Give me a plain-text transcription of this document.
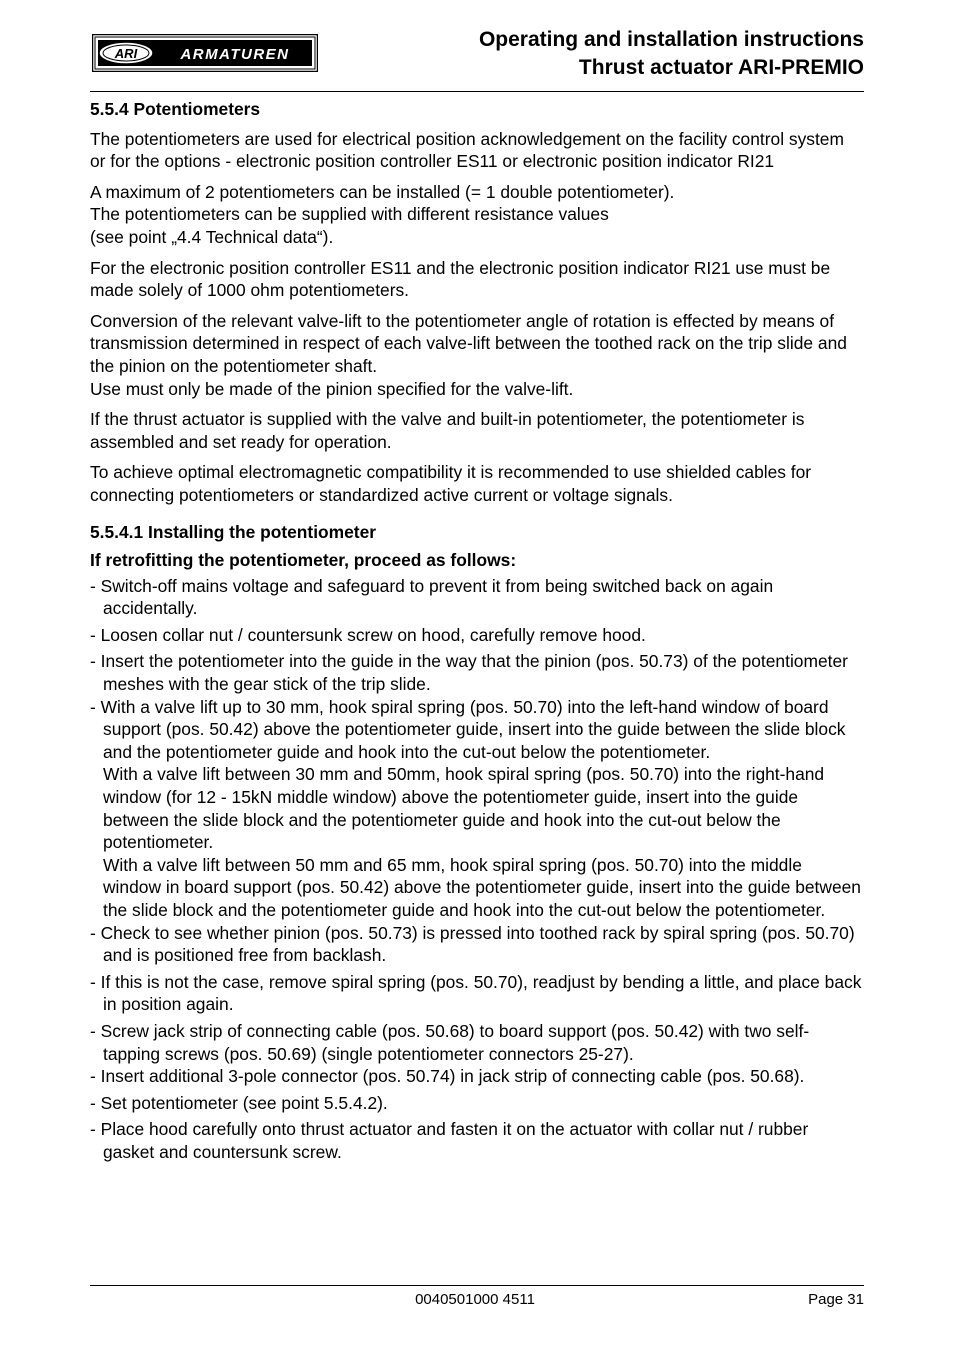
ARI	ARMATUREN
Operating and installation instructions
Thrust actuator ARI-PREMIO
5.5.4 Potentiometers

The potentiometers are used for electrical position acknowledgement on the facility control system or for the options - electronic position controller ES11 or electronic position indicator RI21

A maximum of 2 potentiometers can be installed (= 1 double potentiometer).
The potentiometers can be supplied with different resistance values
(see point „4.4 Technical data“).

For the electronic position controller ES11 and the electronic position indicator RI21 use must be made solely of 1000 ohm potentiometers.

Conversion of the relevant valve-lift to the potentiometer angle of rotation is effected by means of transmission determined in respect of each valve-lift between the toothed rack on the trip slide and the pinion on the potentiometer shaft.
Use must only be made of the pinion specified for the valve-lift.

If the thrust actuator is supplied with the valve and built-in potentiometer, the potentiometer is assembled and set ready for operation.

To achieve optimal electromagnetic compatibility it is recommended to use shielded cables for connecting potentiometers or standardized active current or voltage signals.

5.5.4.1 Installing the potentiometer

If retrofitting the potentiometer, proceed as follows:

- Switch-off mains voltage and safeguard to prevent it from being switched back on again accidentally.
- Loosen collar nut / countersunk screw on hood, carefully remove hood.
- Insert the potentiometer into the guide in the way that the pinion (pos. 50.73) of the potentiometer meshes with the gear stick of the trip slide.
- With a valve lift up to 30 mm, hook spiral spring (pos. 50.70) into the left-hand window of board support (pos. 50.42) above the potentiometer guide, insert into the guide between the slide block and the potentiometer guide and hook into the cut-out below the potentiometer.
With a valve lift between 30 mm and 50mm, hook spiral spring (pos. 50.70) into the right-hand window (for 12 - 15kN middle window) above the potentiometer guide, insert into the guide between the slide block and the potentiometer guide and hook into the cut-out below the potentiometer.
With a valve lift between 50 mm and 65 mm, hook spiral spring (pos. 50.70) into the middle window in board support (pos. 50.42) above the potentiometer guide, insert into the guide between the slide block and the potentiometer guide and hook into the cut-out below the potentiometer.
- Check to see whether pinion (pos. 50.73) is pressed into toothed rack by spiral spring (pos. 50.70) and is positioned free from backlash.
- If this is not the case, remove spiral spring (pos. 50.70), readjust by bending a little, and place back in position again.
- Screw jack strip of connecting cable (pos. 50.68) to board support (pos. 50.42) with two self-tapping screws (pos. 50.69) (single potentiometer connectors 25-27).
- Insert additional 3-pole connector (pos. 50.74) in jack strip of connecting cable (pos. 50.68).
- Set potentiometer (see point 5.5.4.2).
- Place hood carefully onto thrust actuator and fasten it on the actuator with collar nut / rubber gasket and countersunk screw.
0040501000 4511	Page 31
